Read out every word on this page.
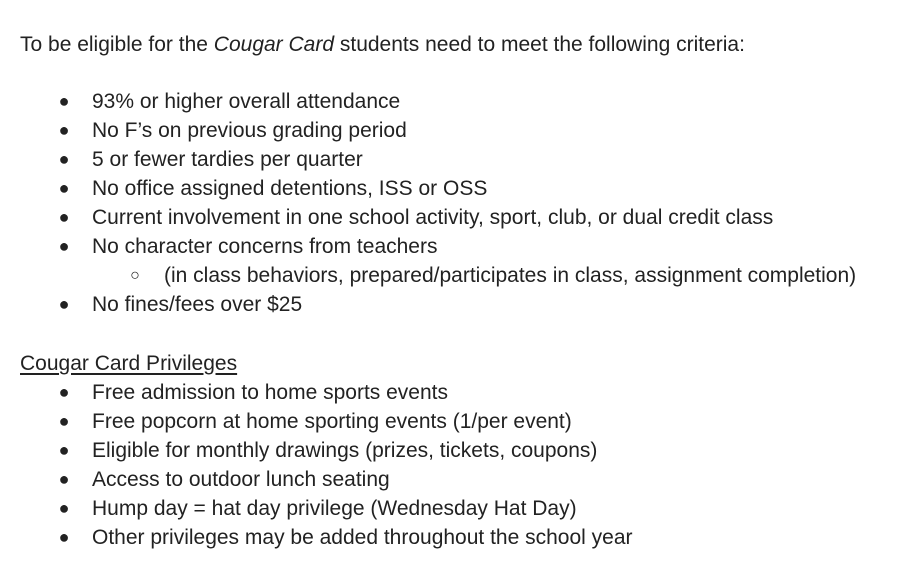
To be eligible for the Cougar Card students need to meet the following criteria:
● 93% or higher overall attendance
● No F’s on previous grading period
● 5 or fewer tardies per quarter
● No office assigned detentions, ISS or OSS
● Current involvement in one school activity, sport, club, or dual credit class
● No character concerns from teachers
○ (in class behaviors, prepared/participates in class, assignment completion)
● No fines/fees over $25
Cougar Card Privileges
● Free admission to home sports events
● Free popcorn at home sporting events (1/per event)
● Eligible for monthly drawings (prizes, tickets, coupons)
● Access to outdoor lunch seating
● Hump day = hat day privilege (Wednesday Hat Day)
● Other privileges may be added throughout the school year
